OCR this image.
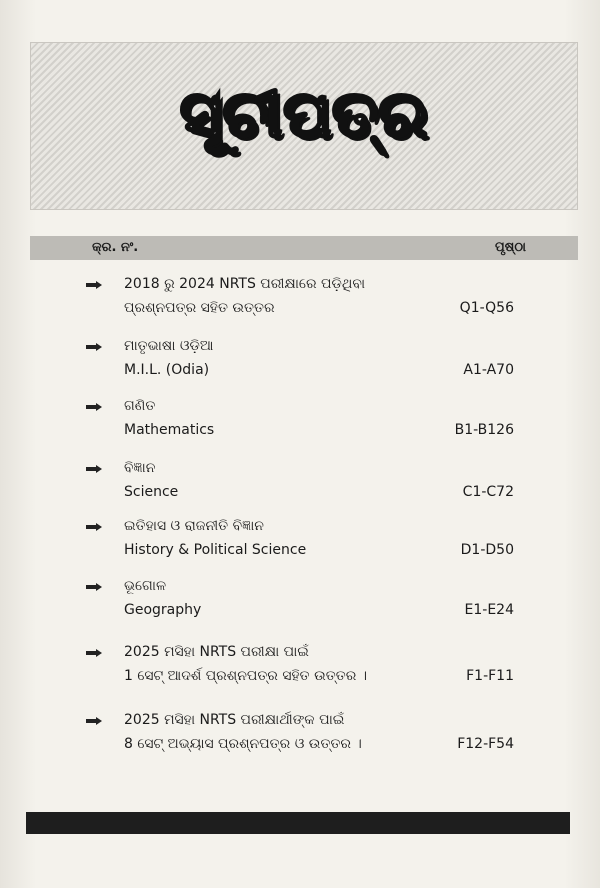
ସୂଚୀପତ୍ର
କ୍ର. ନଂ.	ପୃଷ୍ଠା
2018 ରୁ 2024 NRTS ପରୀକ୍ଷାରେ ପଡ଼ିଥିବା
ପ୍ରଶ୍ନପତ୍ର ସହିତ ଉତ୍ତର	Q1-Q56
ମାତୃଭାଷା ଓଡ଼ିଆ
M.I.L. (Odia)	A1-A70
ଗଣିତ
Mathematics	B1-B126
ବିଜ୍ଞାନ
Science	C1-C72
ଇତିହାସ ଓ ରାଜନୀତି ବିଜ୍ଞାନ
History & Political Science	D1-D50
ଭୂଗୋଳ
Geography	E1-E24
2025 ମସିହା NRTS ପରୀକ୍ଷା ପାଇଁ
1 ସେଟ୍ ଆଦର୍ଶ ପ୍ରଶ୍ନପତ୍ର ସହିତ ଉତ୍ତର ।	F1-F11
2025 ମସିହା NRTS ପରୀକ୍ଷାର୍ଥୀଙ୍କ ପାଇଁ
8 ସେଟ୍ ଅଭ୍ୟାସ ପ୍ରଶ୍ନପତ୍ର ଓ ଉତ୍ତର ।	F12-F54
